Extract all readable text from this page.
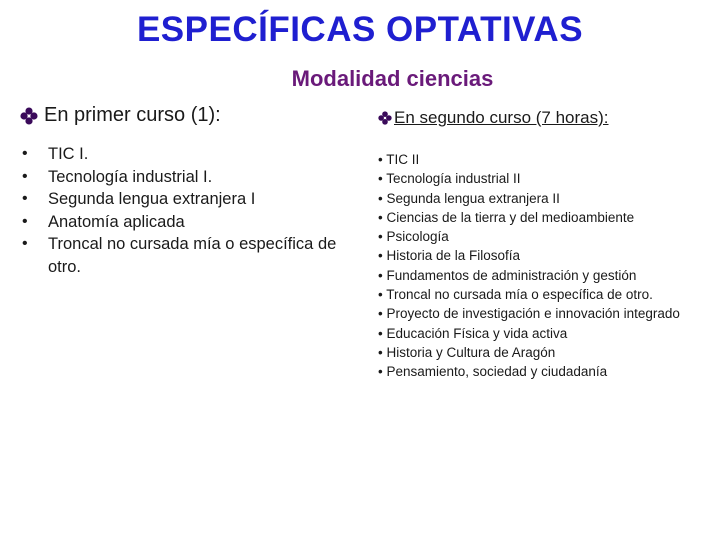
ESPECÍFICAS OPTATIVAS
Modalidad ciencias
En primer curso (1):
• TIC I.
• Tecnología industrial I.
• Segunda lengua extranjera I
• Anatomía aplicada
• Troncal no cursada mía o específica de otro.
En segundo curso (7 horas):
• TIC II
• Tecnología industrial II
• Segunda lengua extranjera II
• Ciencias de la tierra y del medioambiente
• Psicología
• Historia de la Filosofía
• Fundamentos de administración y gestión
• Troncal no cursada mía o específica de otro.
• Proyecto de investigación e innovación integrado
• Educación Física y vida activa
• Historia y Cultura de Aragón
• Pensamiento, sociedad y ciudadanía
